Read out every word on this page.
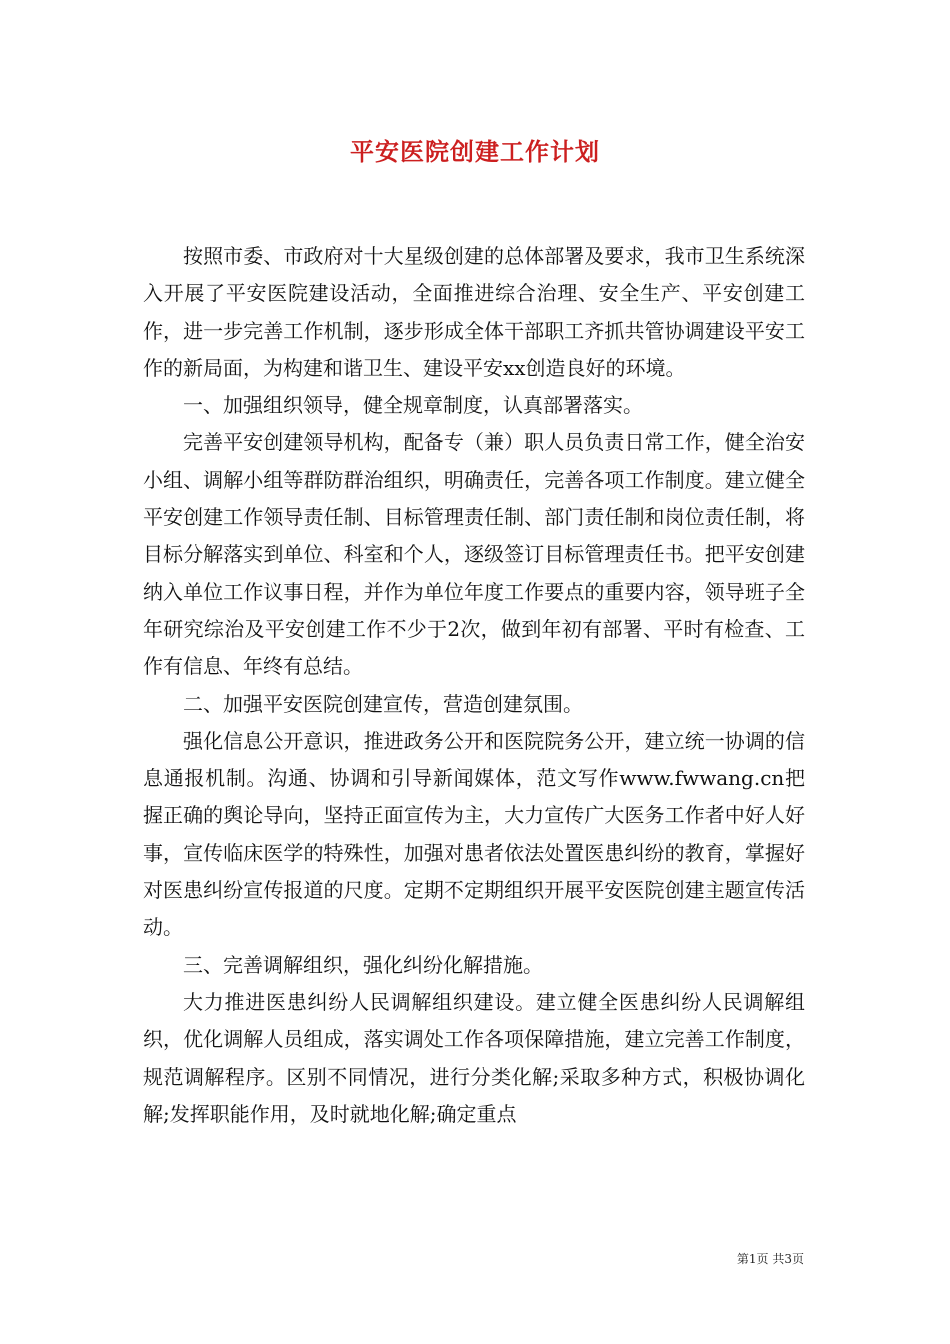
平安医院创建工作计划

按照市委、市政府对十大星级创建的总体部署及要求，我市卫生系统深入开展了平安医院建设活动，全面推进综合治理、安全生产、平安创建工作，进一步完善工作机制，逐步形成全体干部职工齐抓共管协调建设平安工作的新局面，为构建和谐卫生、建设平安xx创造良好的环境。

一、加强组织领导，健全规章制度，认真部署落实。

完善平安创建领导机构，配备专（兼）职人员负责日常工作，健全治安小组、调解小组等群防群治组织，明确责任，完善各项工作制度。建立健全平安创建工作领导责任制、目标管理责任制、部门责任制和岗位责任制，将目标分解落实到单位、科室和个人，逐级签订目标管理责任书。把平安创建纳入单位工作议事日程，并作为单位年度工作要点的重要内容，领导班子全年研究综治及平安创建工作不少于2次，做到年初有部署、平时有检查、工作有信息、年终有总结。

二、加强平安医院创建宣传，营造创建氛围。

强化信息公开意识，推进政务公开和医院院务公开，建立统一协调的信息通报机制。沟通、协调和引导新闻媒体，范文写作www.fwwang.cn把握正确的舆论导向，坚持正面宣传为主，大力宣传广大医务工作者中好人好事，宣传临床医学的特殊性，加强对患者依法处置医患纠纷的教育，掌握好对医患纠纷宣传报道的尺度。定期不定期组织开展平安医院创建主题宣传活动。

三、完善调解组织，强化纠纷化解措施。

大力推进医患纠纷人民调解组织建设。建立健全医患纠纷人民调解组织，优化调解人员组成，落实调处工作各项保障措施，建立完善工作制度，规范调解程序。区别不同情况，进行分类化解;采取多种方式，积极协调化解;发挥职能作用，及时就地化解;确定重点

第1页 共3页
